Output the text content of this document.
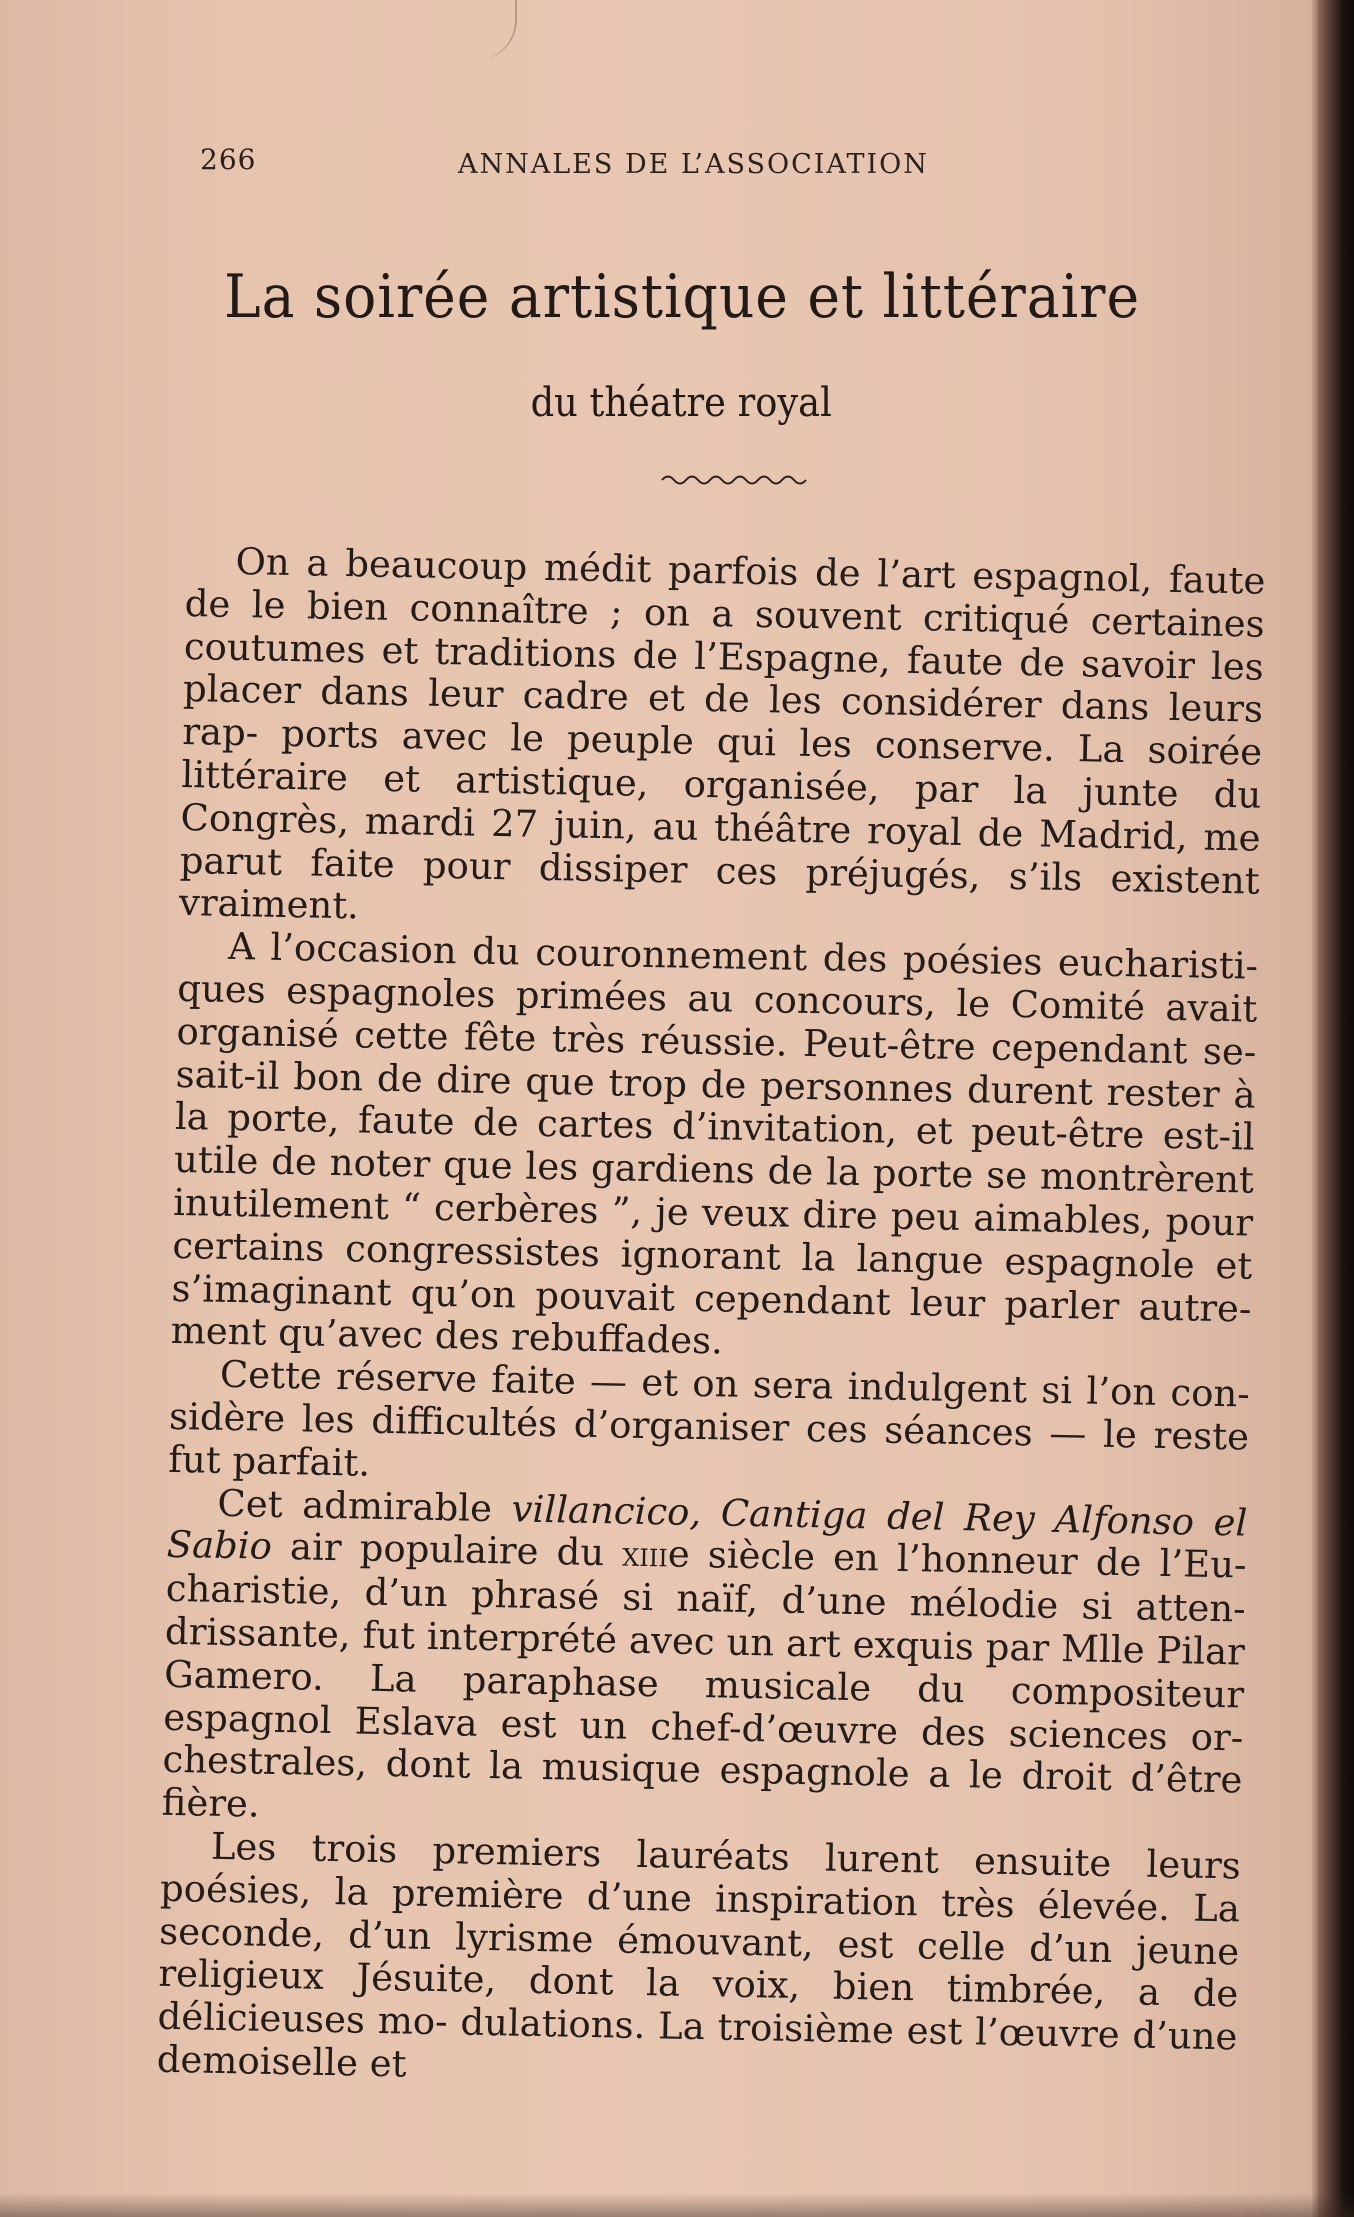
266	ANNALES DE L’ASSOCIATION
La soirée artistique et littéraire
du théatre royal

On a beaucoup médit parfois de l’art espagnol, faute de le bien connaître ; on a souvent critiqué certaines coutumes et traditions de l’Espagne, faute de savoir les placer dans leur cadre et de les considérer dans leurs rap- ports avec le peuple qui les conserve. La soirée littéraire et artistique, organisée, par la junte du Congrès, mardi 27 juin, au théâtre royal de Madrid, me parut faite pour dissiper ces préjugés, s’ils existent vraiment.

A l’occasion du couronnement des poésies eucharisti- ques espagnoles primées au concours, le Comité avait organisé cette fête très réussie. Peut-être cependant se- sait-il bon de dire que trop de personnes durent rester à la porte, faute de cartes d’invitation, et peut-être est-il utile de noter que les gardiens de la porte se montrèrent inutilement “ cerbères ”, je veux dire peu aimables, pour certains congressistes ignorant la langue espagnole et s’imaginant qu’on pouvait cependant leur parler autre- ment qu’avec des rebuffades.

Cette réserve faite — et on sera indulgent si l’on con- sidère les difficultés d’organiser ces séances — le reste fut parfait.

Cet admirable villancico, Cantiga del Rey Alfonso el Sabio air populaire du xiiie siècle en l’honneur de l’Eu- charistie, d’un phrasé si naïf, d’une mélodie si atten- drissante, fut interprété avec un art exquis par Mlle Pilar Gamero. La paraphase musicale du compositeur espagnol Eslava est un chef-d’œuvre des sciences or- chestrales, dont la musique espagnole a le droit d’être fière.

Les trois premiers lauréats lurent ensuite leurs poésies, la première d’une inspiration très élevée. La seconde, d’un lyrisme émouvant, est celle d’un jeune religieux Jésuite, dont la voix, bien timbrée, a de délicieuses mo- dulations. La troisième est l’œuvre d’une demoiselle et
